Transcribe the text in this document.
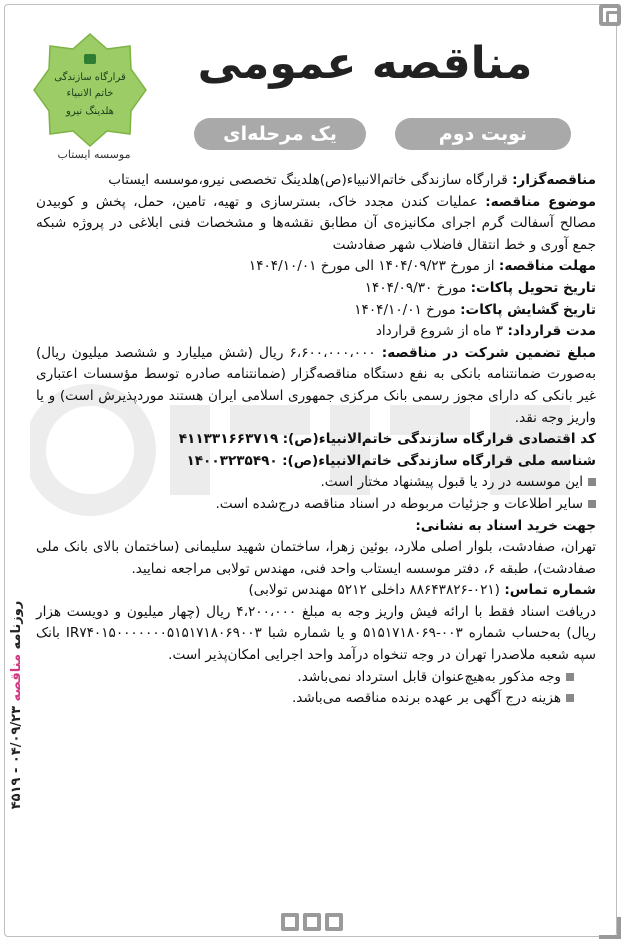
قرارگاه سازندگی
خاتم الانبیاء
هلدینگ نیرو
موسسه ایستاب
مناقصه عمومی
یک مرحله‌ای	نوبت دوم

مناقصه‌گزار: قرارگاه سازندگی خاتم‌الانبیاء(ص)هلدینگ تخصصی نیرو،موسسه ایستاب

موضوع مناقصه: عملیات کندن مجدد خاک، بسترسازی و تهیه، تامین، حمل، پخش و کوبیدن مصالح آسفالت گرم اجرای مکانیزه‌ی آن مطابق نقشه‌ها و مشخصات فنی ابلاغی در پروژه شبکه جمع آوری و خط انتقال فاضلاب شهر صفادشت

مهلت مناقصه: از مورخ ۱۴۰۴/۰۹/۲۳ الی مورخ ۱۴۰۴/۱۰/۰۱

تاریخ تحویل پاکات: مورخ ۱۴۰۴/۰۹/۳۰

تاریخ گشایش پاکات: مورخ ۱۴۰۴/۱۰/۰۱

مدت قرارداد: ۳ ماه از شروع قرارداد

مبلغ تضمین شرکت در مناقصه: ۶،۶۰۰،۰۰۰،۰۰۰ ریال (شش میلیارد و ششصد میلیون ریال) به‌صورت ضمانتنامه بانکی به نفع دستگاه مناقصه‌گزار (ضمانتنامه صادره توسط مؤسسات اعتباری غیر بانکی که دارای مجوز رسمی بانک مرکزی جمهوری اسلامی ایران هستند مورد‌پذیرش است) و یا واریز وجه نقد.

کد اقتصادی قرارگاه سازندگی خاتم‌الانبیاء(ص): ۴۱۱۳۳۱۶۶۳۷۱۹

شناسه ملی قرارگاه سازندگی خاتم‌الانبیاء(ص): ۱۴۰۰۳۲۳۵۴۹۰

این موسسه در رد یا قبول پیشنهاد مختار است.

سایر اطلاعات و جزئیات مربوطه در اسناد مناقصه درج‌شده است.

جهت خرید اسناد به نشانی:

تهران، صفادشت، بلوار اصلی ملارد، بوئین زهرا، ساختمان شهید سلیمانی (ساختمان بالای بانک ملی صفادشت)، طبقه ۶، دفتر موسسه ایستاب واحد فنی، مهندس تولابی مراجعه نمایید.

شماره تماس: (۰۲۱-۸۸۶۴۳۸۲۶ داخلی ۵۲۱۲ مهندس تولابی)

دریافت اسناد فقط با ارائه فیش واریز وجه به مبلغ ۴،۲۰۰،۰۰۰ ریال (چهار میلیون و دویست هزار ریال) به‌حساب شماره ۰۰۳-۵۱۵۱۷۱۸۰۶۹ و یا شماره شبا IR۷۴۰۱۵۰۰۰۰۰۰۰۵۱۵۱۷۱۸۰۶۹۰۰۳ بانک سپه شعبه ملاصدرا تهران در وجه تنخواه درآمد واحد اجرایی امکان‌پذیر است.

وجه مذکور به‌هیچ‌عنوان قابل استرداد نمی‌باشد.

هزینه درج آگهی بر عهده برنده مناقصه می‌باشد.

روزنامه مناقصه ۰۴/۰۹/۲۳ - ۴۵۱۹
